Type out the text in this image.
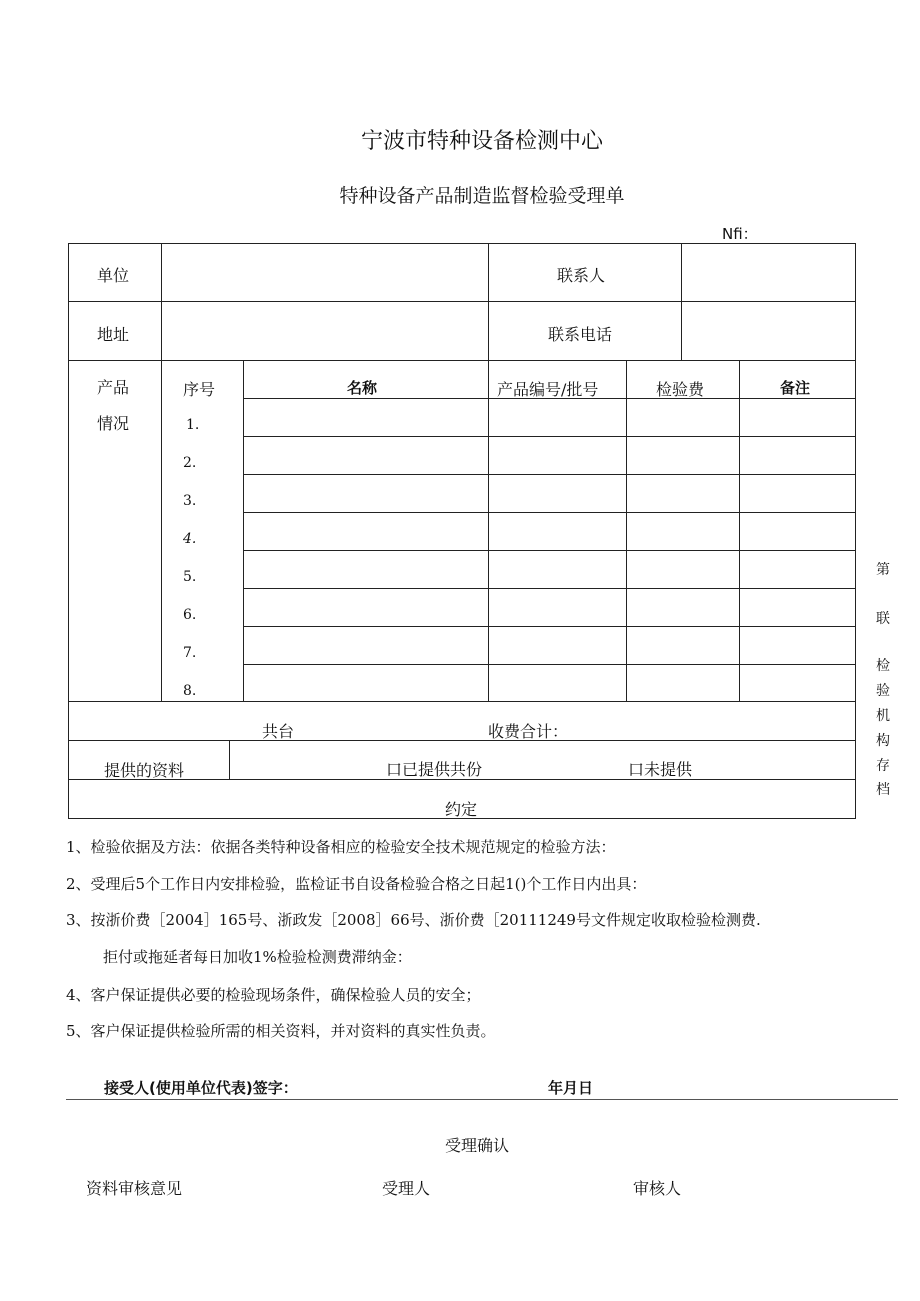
宁波市特种设备检测中心
特种设备产品制造监督检验受理单
Nfi：
单位	联系人
地址	联系电话
产品
情况
序号	名称	产品编号/批号	检验费	备注
1.
2.
3.
4.
5.
6.
7.
8.
共台	收费合计：
提供的资料	口已提供共份	口未提供
约定
第
联
检
验
机
构
存
档
1、检验依据及方法：依据各类特种设备相应的检验安全技术规范规定的检验方法：
2、受理后5个工作日内安排检验，监检证书自设备检验合格之日起1()个工作日内出具：
3、按浙价费［2004］165号、浙政发［2008］66号、浙价费［20111249号文件规定收取检验检测费.
拒付或拖延者每日加收1%检验检测费滞纳金：
4、客户保证提供必要的检验现场条件，确保检验人员的安全；
5、客户保证提供检验所需的相关资料，并对资料的真实性负责。
接受人(使用单位代表)签字：	年月日
受理确认
资料审核意见	受理人	审核人
